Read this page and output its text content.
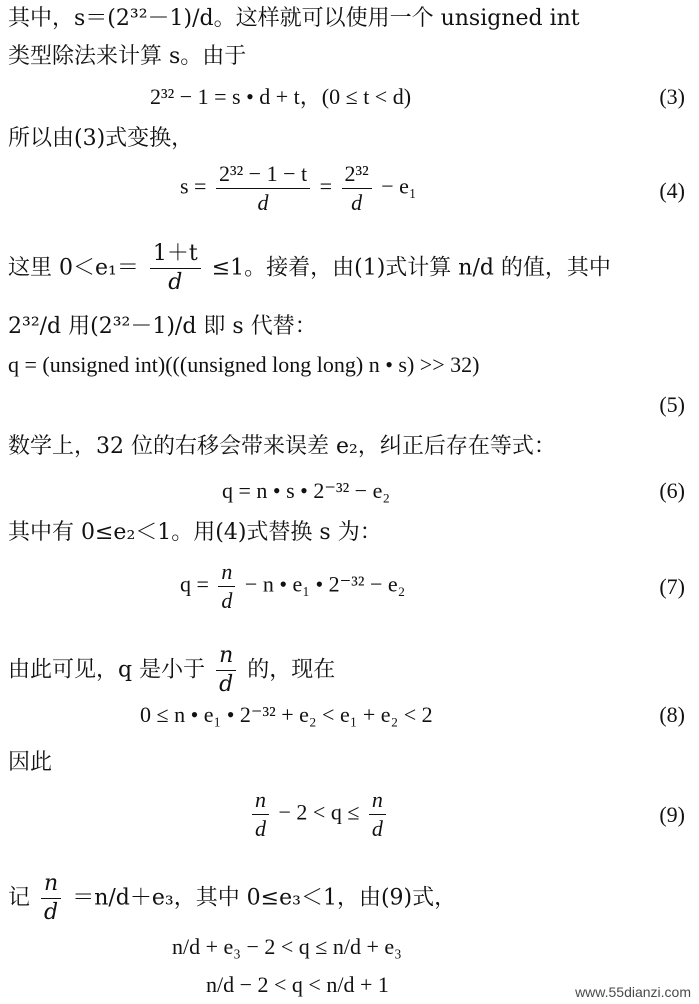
其中，s＝(2³²－1)/d。这样就可以使用一个 unsigned int
类型除法来计算 s。由于
2³² − 1 = s • d + t，(0 ≤ t < d)	(3)
所以由(3)式变换，
$s = \frac{\text{2³² − 1 − t}}{d} = \frac{\text{2³²}}{d} - e_1$	(4)
这里 $0<e_1= \frac{1+t}{d} \le 1$。接着，由(1)式计算 n/d 的值，其中
2³²/d 用(2³²－1)/d 即 s 代替：
q = (unsigned int)(((unsigned long long) n • s) >> 32)
(5)
数学上，32 位的右移会带来误差 e₂，纠正后存在等式：
q = n • s • 2⁻³² − e₂	(6)
其中有 0≤e₂＜1。用(4)式替换 s 为：
$q = \frac{n}{d} - n$ • e₁ • 2⁻³² − e₂	(7)
由此可见，q 是小于 $\frac{n}{d}$ 的，现在
0 ≤ n • e₁ • 2⁻³² + e₂ < e₁ + e₂ < 2	(8)
因此
$\frac{n}{d} - 2 < q \le \frac{n}{d}$	(9)
记 $\frac{n}{d} =n/d+e_3$，其中 0≤e₃＜1，由(9)式，
n/d + e₃ − 2 < q ≤ n/d + e₃
n/d − 2 < q < n/d + 1	www.55dianzi.com
